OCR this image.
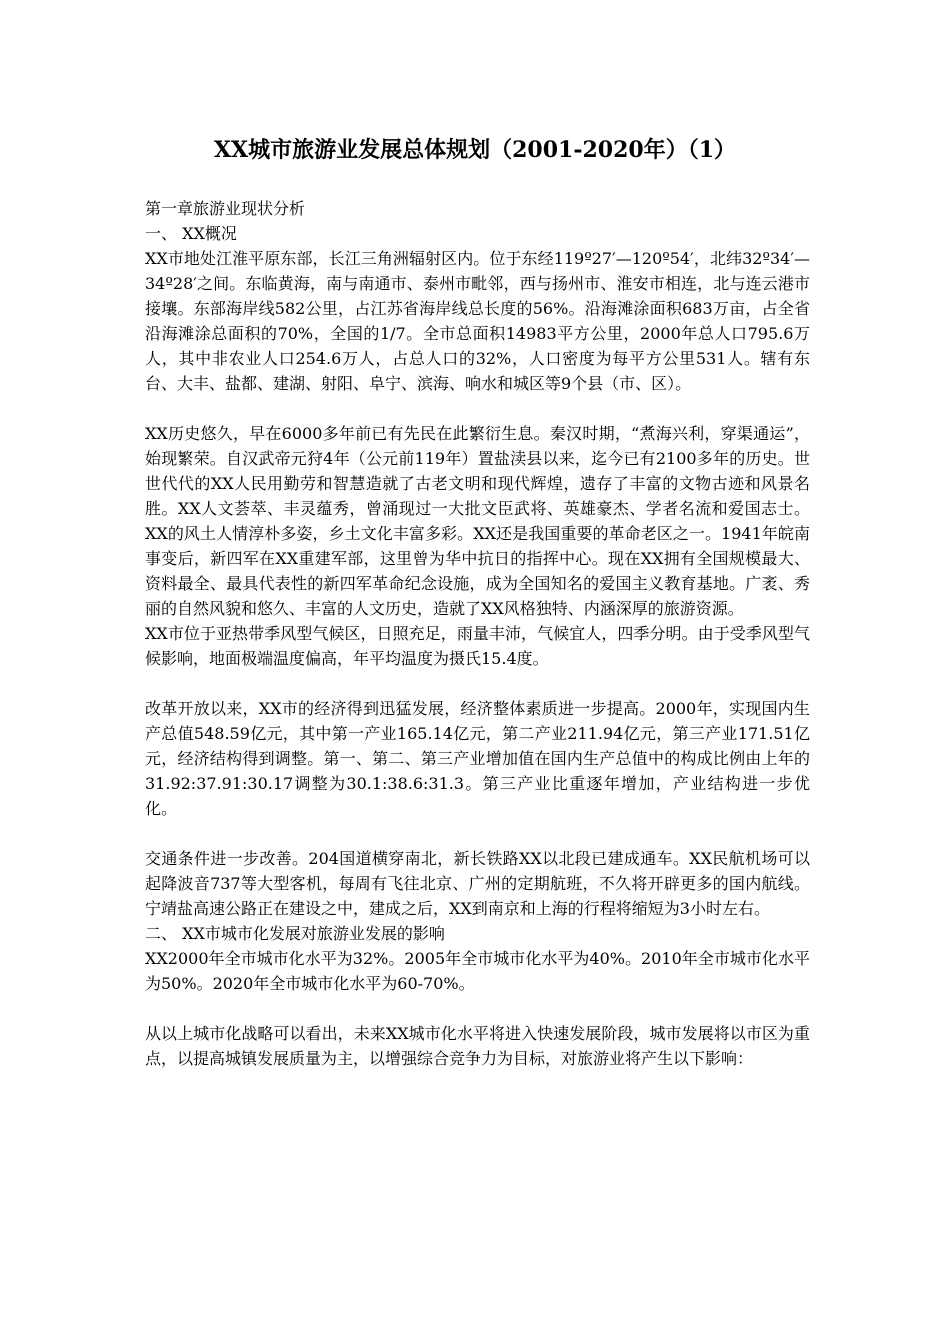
XX城市旅游业发展总体规划（2001-2020年）（1）

第一章旅游业现状分析

一、 XX概况

XX市地处江淮平原东部，长江三角洲辐射区内。位于东经119º27′—120º54′，北纬32º34′—34º28′之间。东临黄海，南与南通市、泰州市毗邻，西与扬州市、淮安市相连，北与连云港市接壤。东部海岸线582公里，占江苏省海岸线总长度的56%。沿海滩涂面积683万亩，占全省沿海滩涂总面积的70%，全国的1/7。全市总面积14983平方公里，2000年总人口795.6万人，其中非农业人口254.6万人，占总人口的32%，人口密度为每平方公里531人。辖有东台、大丰、盐都、建湖、射阳、阜宁、滨海、响水和城区等9个县（市、区）。

XX历史悠久，早在6000多年前已有先民在此繁衍生息。秦汉时期，“煮海兴利，穿渠通运”，始现繁荣。自汉武帝元狩4年（公元前119年）置盐渎县以来，迄今已有2100多年的历史。世世代代的XX人民用勤劳和智慧造就了古老文明和现代辉煌，遗存了丰富的文物古迹和风景名胜。XX人文荟萃、丰灵蕴秀，曾涌现过一大批文臣武将、英雄豪杰、学者名流和爱国志士。XX的风土人情淳朴多姿，乡土文化丰富多彩。XX还是我国重要的革命老区之一。1941年皖南事变后，新四军在XX重建军部，这里曾为华中抗日的指挥中心。现在XX拥有全国规模最大、资料最全、最具代表性的新四军革命纪念设施，成为全国知名的爱国主义教育基地。广袤、秀丽的自然风貌和悠久、丰富的人文历史，造就了XX风格独特、内涵深厚的旅游资源。

XX市位于亚热带季风型气候区，日照充足，雨量丰沛，气候宜人，四季分明。由于受季风型气候影响，地面极端温度偏高，年平均温度为摄氏15.4度。

改革开放以来，XX市的经济得到迅猛发展，经济整体素质进一步提高。2000年，实现国内生产总值548.59亿元，其中第一产业165.14亿元，第二产业211.94亿元，第三产业171.51亿元，经济结构得到调整。第一、第二、第三产业增加值在国内生产总值中的构成比例由上年的31.92:37.91:30.17调整为30.1:38.6:31.3。第三产业比重逐年增加，产业结构进一步优化。

交通条件进一步改善。204国道横穿南北，新长铁路XX以北段已建成通车。XX民航机场可以起降波音737等大型客机，每周有飞往北京、广州的定期航班，不久将开辟更多的国内航线。宁靖盐高速公路正在建设之中，建成之后，XX到南京和上海的行程将缩短为3小时左右。

二、 XX市城市化发展对旅游业发展的影响

XX2000年全市城市化水平为32%。2005年全市城市化水平为40%。2010年全市城市化水平为50%。2020年全市城市化水平为60-70%。

从以上城市化战略可以看出，未来XX城市化水平将进入快速发展阶段，城市发展将以市区为重点，以提高城镇发展质量为主，以增强综合竞争力为目标，对旅游业将产生以下影响：
